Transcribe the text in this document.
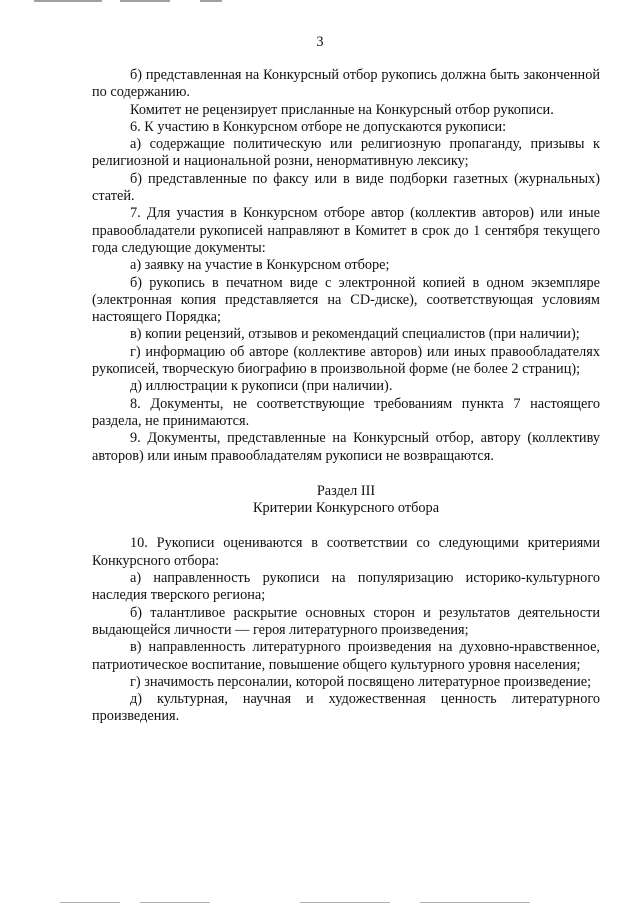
3

б) представленная на Конкурсный отбор рукопись должна быть законченной по содержанию.

Комитет не рецензирует присланные на Конкурсный отбор рукописи.

6. К участию в Конкурсном отборе не допускаются рукописи:

а) содержащие политическую или религиозную пропаганду, призывы к религиозной и национальной розни, ненормативную лексику;

б) представленные по факсу или в виде подборки газетных (журнальных) статей.

7. Для участия в Конкурсном отборе автор (коллектив авторов) или иные правообладатели рукописей направляют в Комитет в срок до 1 сентября текущего года следующие документы:

а) заявку на участие в Конкурсном отборе;

б) рукопись в печатном виде с электронной копией в одном экземпляре (электронная копия представляется на CD-диске), соответствующая условиям настоящего Порядка;

в) копии рецензий, отзывов и рекомендаций специалистов (при наличии);

г) информацию об авторе (коллективе авторов) или иных правообладателях рукописей, творческую биографию в произвольной форме (не более 2 страниц);

д) иллюстрации к рукописи (при наличии).

8. Документы, не соответствующие требованиям пункта 7 настоящего раздела, не принимаются.

9. Документы, представленные на Конкурсный отбор, автору (коллективу авторов) или иным правообладателям рукописи не возвращаются.

Раздел III

Критерии Конкурсного отбора

10. Рукописи оцениваются в соответствии со следующими критериями Конкурсного отбора:

а) направленность рукописи на популяризацию историко-культурного наследия тверского региона;

б) талантливое раскрытие основных сторон и результатов деятельности выдающейся личности — героя литературного произведения;

в) направленность литературного произведения на духовно-нравственное, патриотическое воспитание, повышение общего культурного уровня населения;

г) значимость персоналии, которой посвящено литературное произведение;

д) культурная, научная и художественная ценность литературного произведения.
